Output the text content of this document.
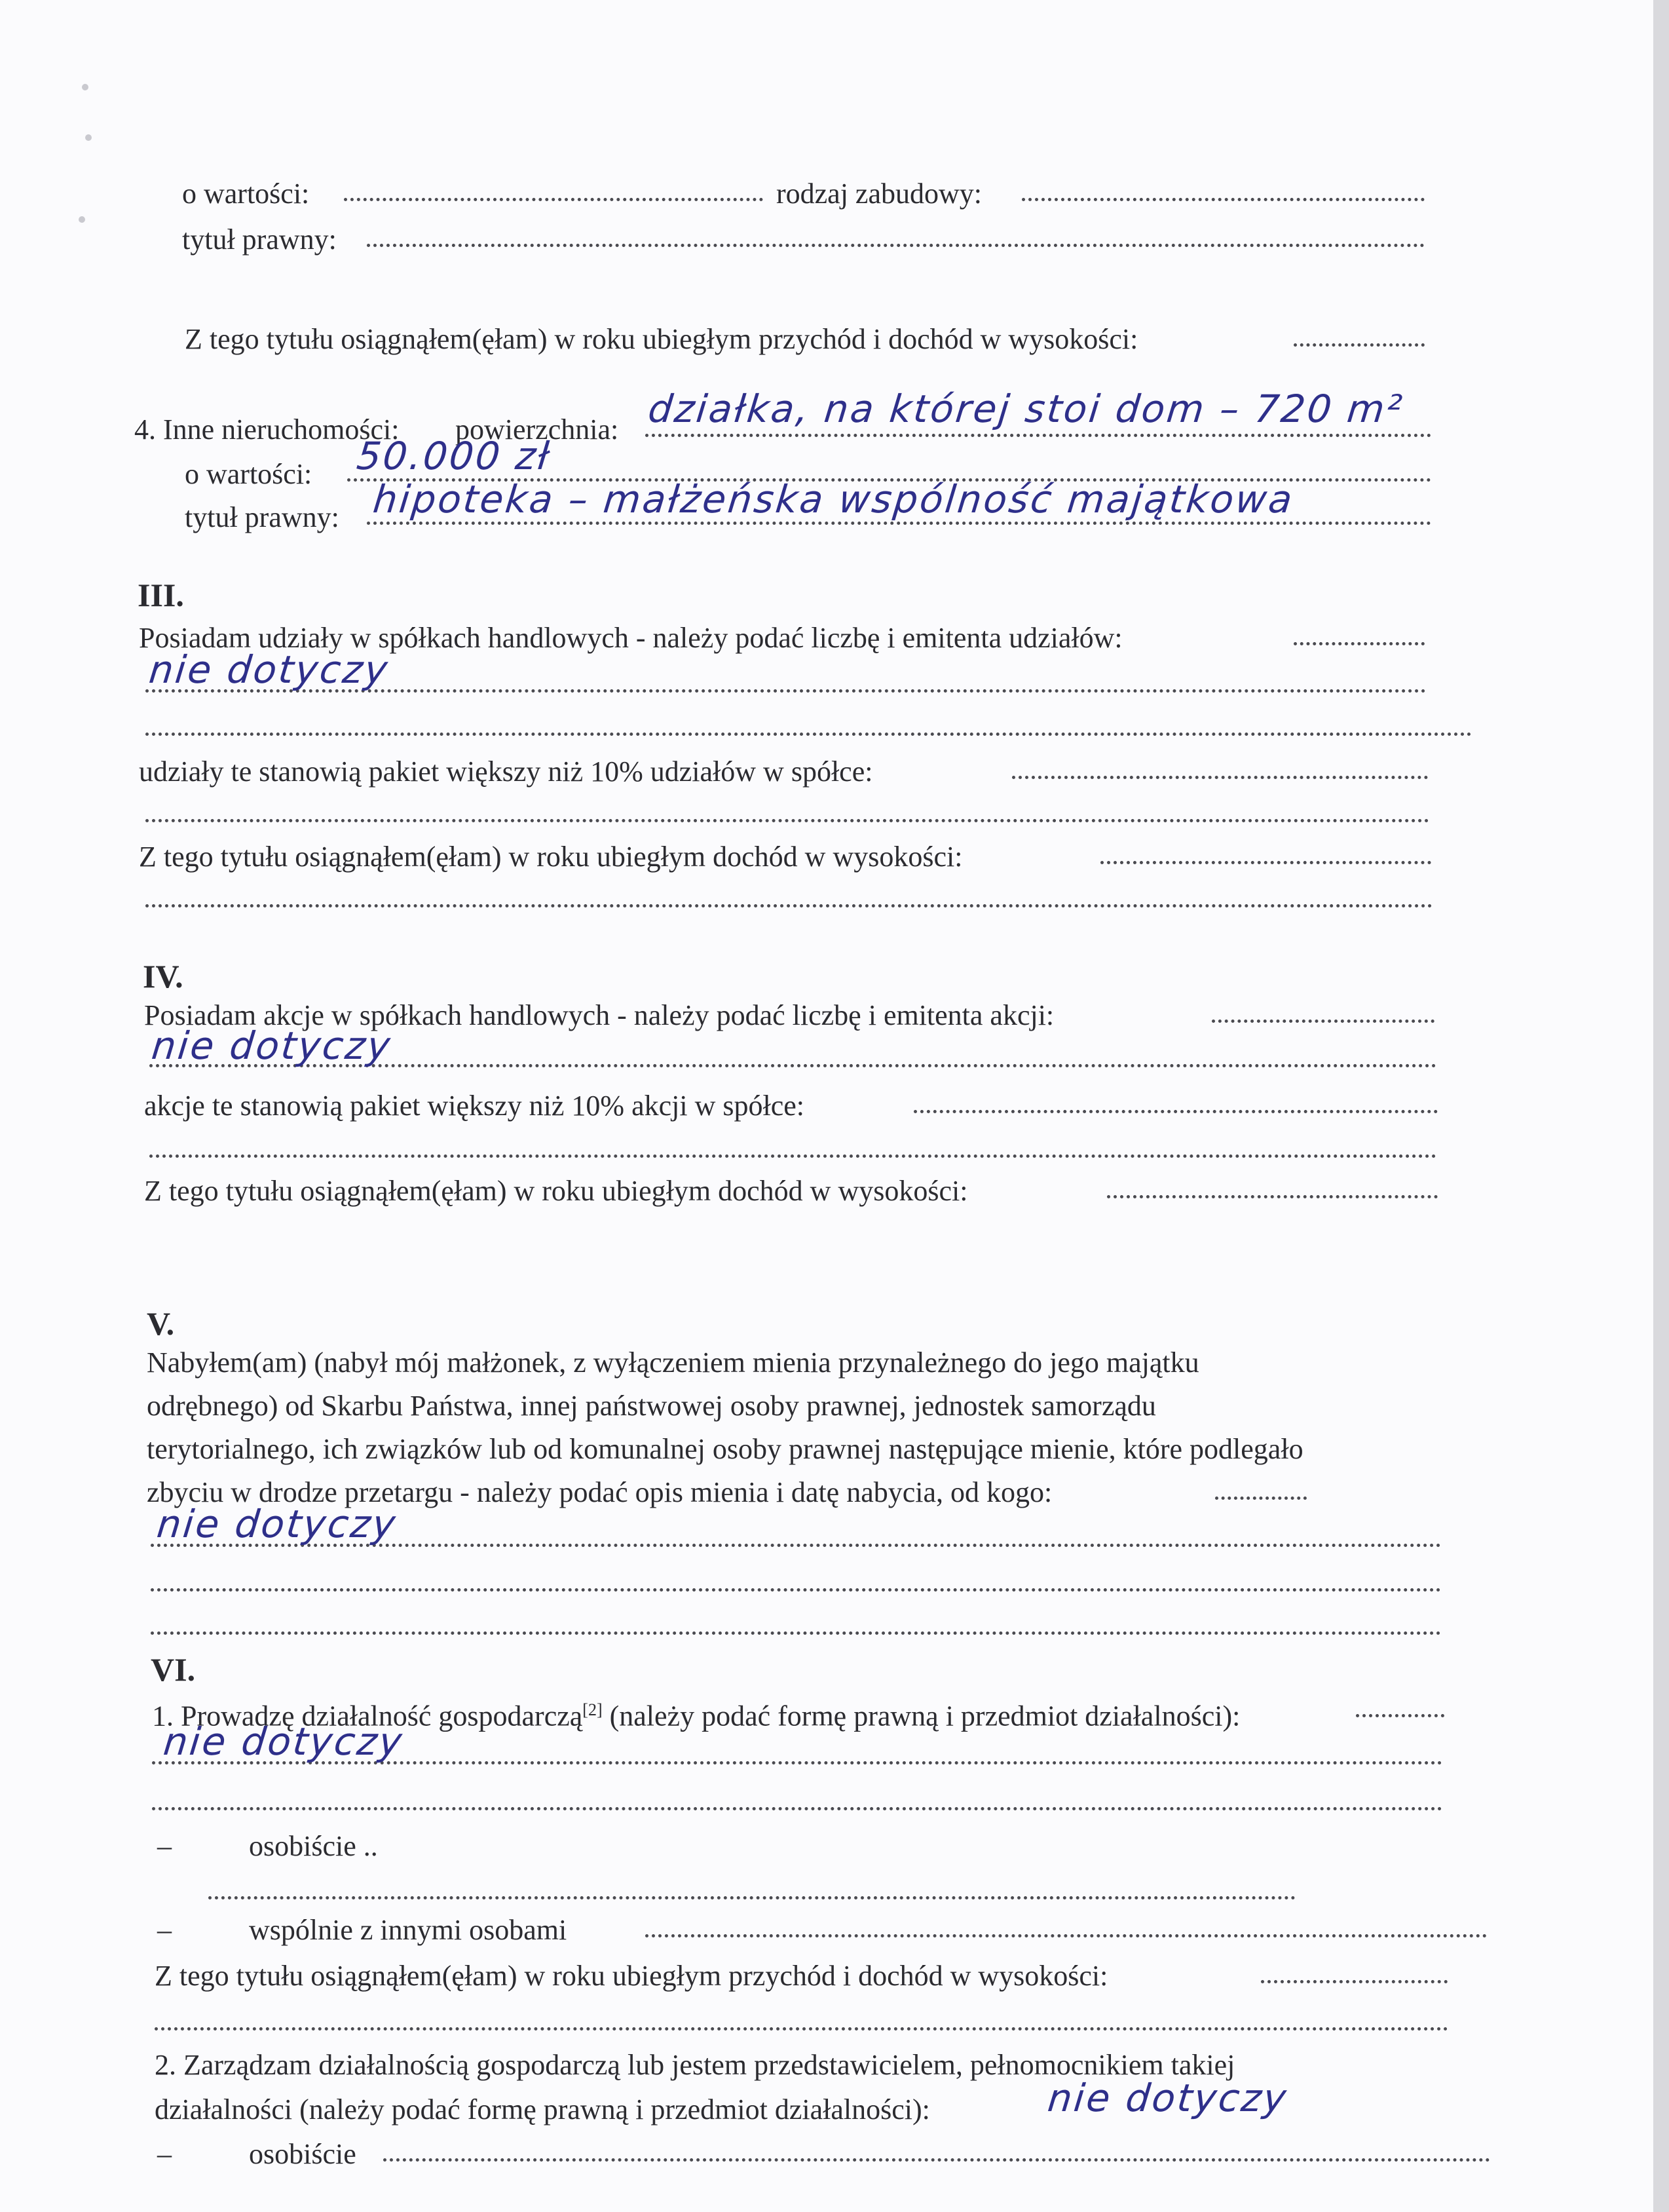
o wartości:	rodzaj zabudowy:
tytuł prawny:
Z tego tytułu osiągnąłem(ęłam) w roku ubiegłym przychód i dochód w wysokości:
4. Inne nieruchomości: powierzchnia: działka, na której stoi dom – 720 m²
o wartości: 50.000 zł
tytuł prawny: hipoteka – małżeńska wspólność majątkowa
III.
Posiadam udziały w spółkach handlowych - należy podać liczbę i emitenta udziałów:
nie dotyczy
udziały te stanowią pakiet większy niż 10% udziałów w spółce:
Z tego tytułu osiągnąłem(ęłam) w roku ubiegłym dochód w wysokości:
IV.
Posiadam akcje w spółkach handlowych - należy podać liczbę i emitenta akcji:
nie dotyczy
akcje te stanowią pakiet większy niż 10% akcji w spółce:
Z tego tytułu osiągnąłem(ęłam) w roku ubiegłym dochód w wysokości:
V.
Nabyłem(am) (nabył mój małżonek, z wyłączeniem mienia przynależnego do jego majątku
odrębnego) od Skarbu Państwa, innej państwowej osoby prawnej, jednostek samorządu
terytorialnego, ich związków lub od komunalnej osoby prawnej następujące mienie, które podlegało
zbyciu w drodze przetargu - należy podać opis mienia i datę nabycia, od kogo:
nie dotyczy
VI.
1. Prowadzę działalność gospodarczą[2] (należy podać formę prawną i przedmiot działalności):
nie dotyczy
–	osobiście ..
–	wspólnie z innymi osobami
Z tego tytułu osiągnąłem(ęłam) w roku ubiegłym przychód i dochód w wysokości:
2. Zarządzam działalnością gospodarczą lub jestem przedstawicielem, pełnomocnikiem takiej
działalności (należy podać formę prawną i przedmiot działalności):	nie dotyczy
–	osobiście
